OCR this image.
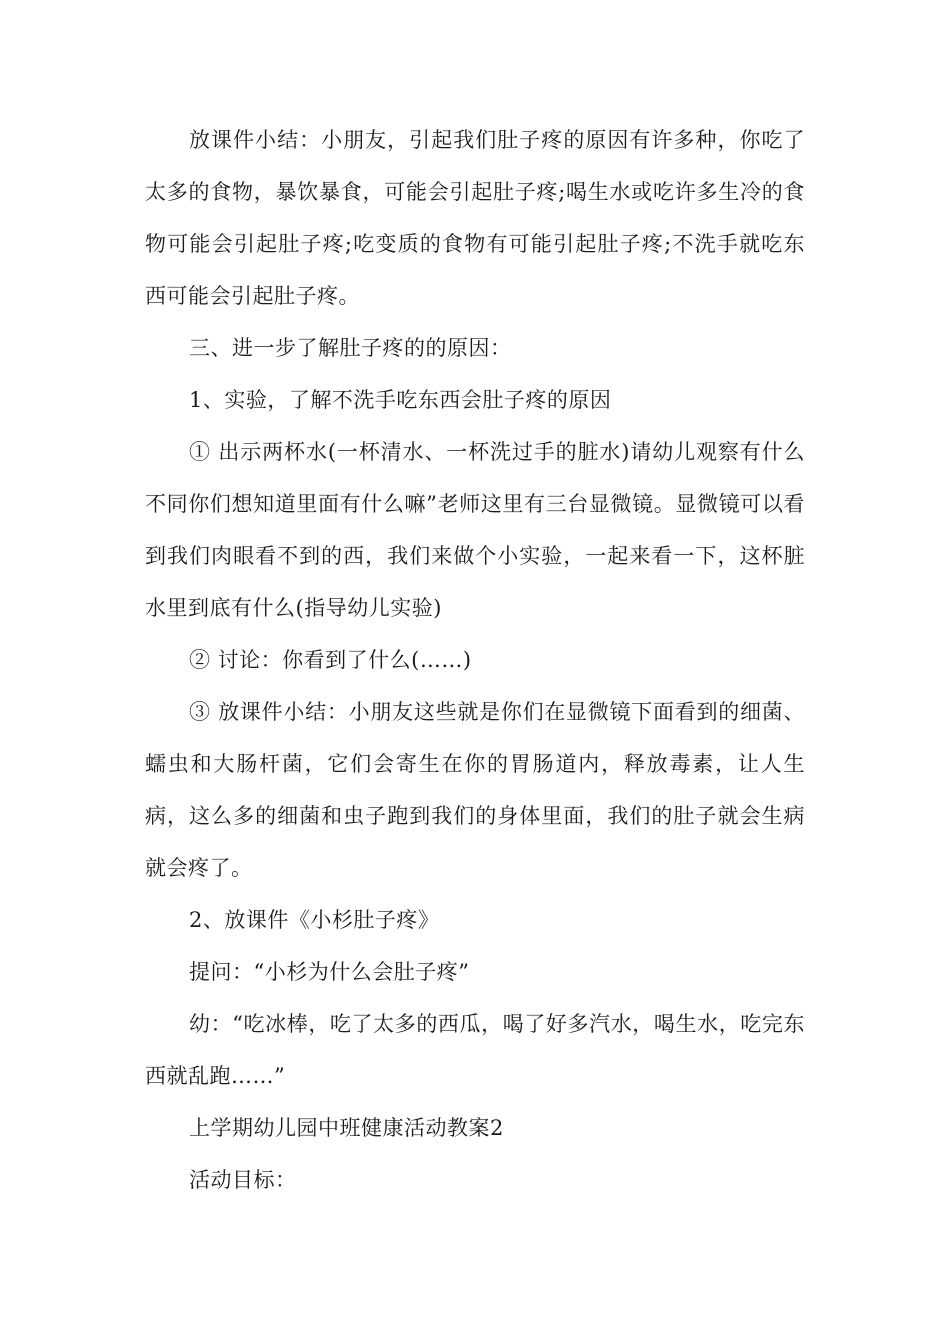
放课件小结：小朋友，引起我们肚子疼的原因有许多种，你吃了太多的食物，暴饮暴食，可能会引起肚子疼;喝生水或吃许多生冷的食物可能会引起肚子疼;吃变质的食物有可能引起肚子疼;不洗手就吃东西可能会引起肚子疼。

三、进一步了解肚子疼的的原因：

1、实验，了解不洗手吃东西会肚子疼的原因

① 出示两杯水(一杯清水、一杯洗过手的脏水)请幼儿观察有什么不同你们想知道里面有什么嘛”老师这里有三台显微镜。显微镜可以看到我们肉眼看不到的西，我们来做个小实验，一起来看一下，这杯脏水里到底有什么(指导幼儿实验)

② 讨论：你看到了什么(……)

③ 放课件小结：小朋友这些就是你们在显微镜下面看到的细菌、蠕虫和大肠杆菌，它们会寄生在你的胃肠道内，释放毒素，让人生病，这么多的细菌和虫子跑到我们的身体里面，我们的肚子就会生病就会疼了。

2、放课件《小杉肚子疼》

提问：“小杉为什么会肚子疼”

幼：“吃冰棒，吃了太多的西瓜，喝了好多汽水，喝生水，吃完东西就乱跑……”

上学期幼儿园中班健康活动教案2

活动目标：
